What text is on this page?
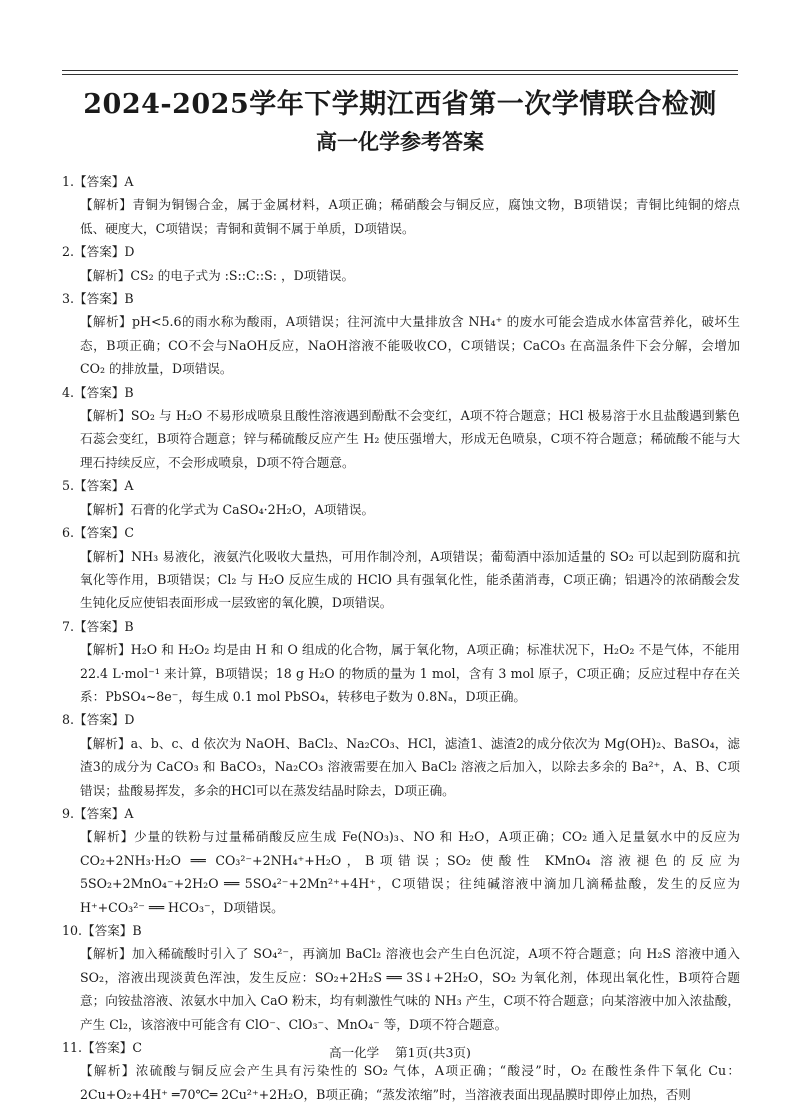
2024-2025学年下学期江西省第一次学情联合检测
高一化学参考答案
1.【答案】A
【解析】青铜为铜锡合金，属于金属材料，A项正确；稀硝酸会与铜反应，腐蚀文物，B项错误；青铜比纯铜的熔点低、硬度大，C项错误；青铜和黄铜不属于单质，D项错误。
2.【答案】D
【解析】CS₂ 的电子式为 :S::C::S: ，D项错误。
3.【答案】B
【解析】pH<5.6的雨水称为酸雨，A项错误；往河流中大量排放含 NH₄⁺ 的废水可能会造成水体富营养化，破坏生态，B项正确；CO不会与NaOH反应，NaOH溶液不能吸收CO，C项错误；CaCO₃ 在高温条件下会分解，会增加CO₂ 的排放量，D项错误。
4.【答案】B
【解析】SO₂ 与 H₂O 不易形成喷泉且酸性溶液遇到酚酞不会变红，A项不符合题意；HCl 极易溶于水且盐酸遇到紫色石蕊会变红，B项符合题意；锌与稀硫酸反应产生 H₂ 使压强增大，形成无色喷泉，C项不符合题意；稀硫酸不能与大理石持续反应，不会形成喷泉，D项不符合题意。
5.【答案】A
【解析】石膏的化学式为 CaSO₄·2H₂O，A项错误。
6.【答案】C
【解析】NH₃ 易液化，液氨汽化吸收大量热，可用作制冷剂，A项错误；葡萄酒中添加适量的 SO₂ 可以起到防腐和抗氧化等作用，B项错误；Cl₂ 与 H₂O 反应生成的 HClO 具有强氧化性，能杀菌消毒，C项正确；铝遇冷的浓硝酸会发生钝化反应使铝表面形成一层致密的氧化膜，D项错误。
7.【答案】B
【解析】H₂O 和 H₂O₂ 均是由 H 和 O 组成的化合物，属于氧化物，A项正确；标准状况下，H₂O₂ 不是气体，不能用 22.4 L·mol⁻¹ 来计算，B项错误；18 g H₂O 的物质的量为 1 mol，含有 3 mol 原子，C项正确；反应过程中存在关系：PbSO₄~8e⁻，每生成 0.1 mol PbSO₄，转移电子数为 0.8Nₐ，D项正确。
8.【答案】D
【解析】a、b、c、d 依次为 NaOH、BaCl₂、Na₂CO₃、HCl，滤渣1、滤渣2的成分依次为 Mg(OH)₂、BaSO₄，滤渣3的成分为 CaCO₃ 和 BaCO₃，Na₂CO₃ 溶液需要在加入 BaCl₂ 溶液之后加入，以除去多余的 Ba²⁺，A、B、C项错误；盐酸易挥发，多余的HCl可以在蒸发结晶时除去，D项正确。
9.【答案】A
【解析】少量的铁粉与过量稀硝酸反应生成 Fe(NO₃)₃、NO 和 H₂O，A项正确；CO₂ 通入足量氨水中的反应为 CO₂+2NH₃·H₂O ══ CO₃²⁻+2NH₄⁺+H₂O，B项错误；SO₂ 使酸性 KMnO₄ 溶液褪色的反应为 5SO₂+2MnO₄⁻+2H₂O ══ 5SO₄²⁻+2Mn²⁺+4H⁺，C项错误；往纯碱溶液中滴加几滴稀盐酸，发生的反应为 H⁺+CO₃²⁻ ══ HCO₃⁻，D项错误。
10.【答案】B
【解析】加入稀硫酸时引入了 SO₄²⁻，再滴加 BaCl₂ 溶液也会产生白色沉淀，A项不符合题意；向 H₂S 溶液中通入 SO₂，溶液出现淡黄色浑浊，发生反应：SO₂+2H₂S ══ 3S↓+2H₂O，SO₂ 为氧化剂，体现出氧化性，B项符合题意；向铵盐溶液、浓氨水中加入 CaO 粉末，均有刺激性气味的 NH₃ 产生，C项不符合题意；向某溶液中加入浓盐酸，产生 Cl₂，该溶液中可能含有 ClO⁻、ClO₃⁻、MnO₄⁻ 等，D项不符合题意。
11.【答案】C
【解析】浓硫酸与铜反应会产生具有污染性的 SO₂ 气体，A项正确；“酸浸”时，O₂ 在酸性条件下氧化 Cu：2Cu+O₂+4H⁺ ═70℃═ 2Cu²⁺+2H₂O，B项正确；“蒸发浓缩”时，当溶液表面出现晶膜时即停止加热，否则
高一化学 第1页(共3页)
